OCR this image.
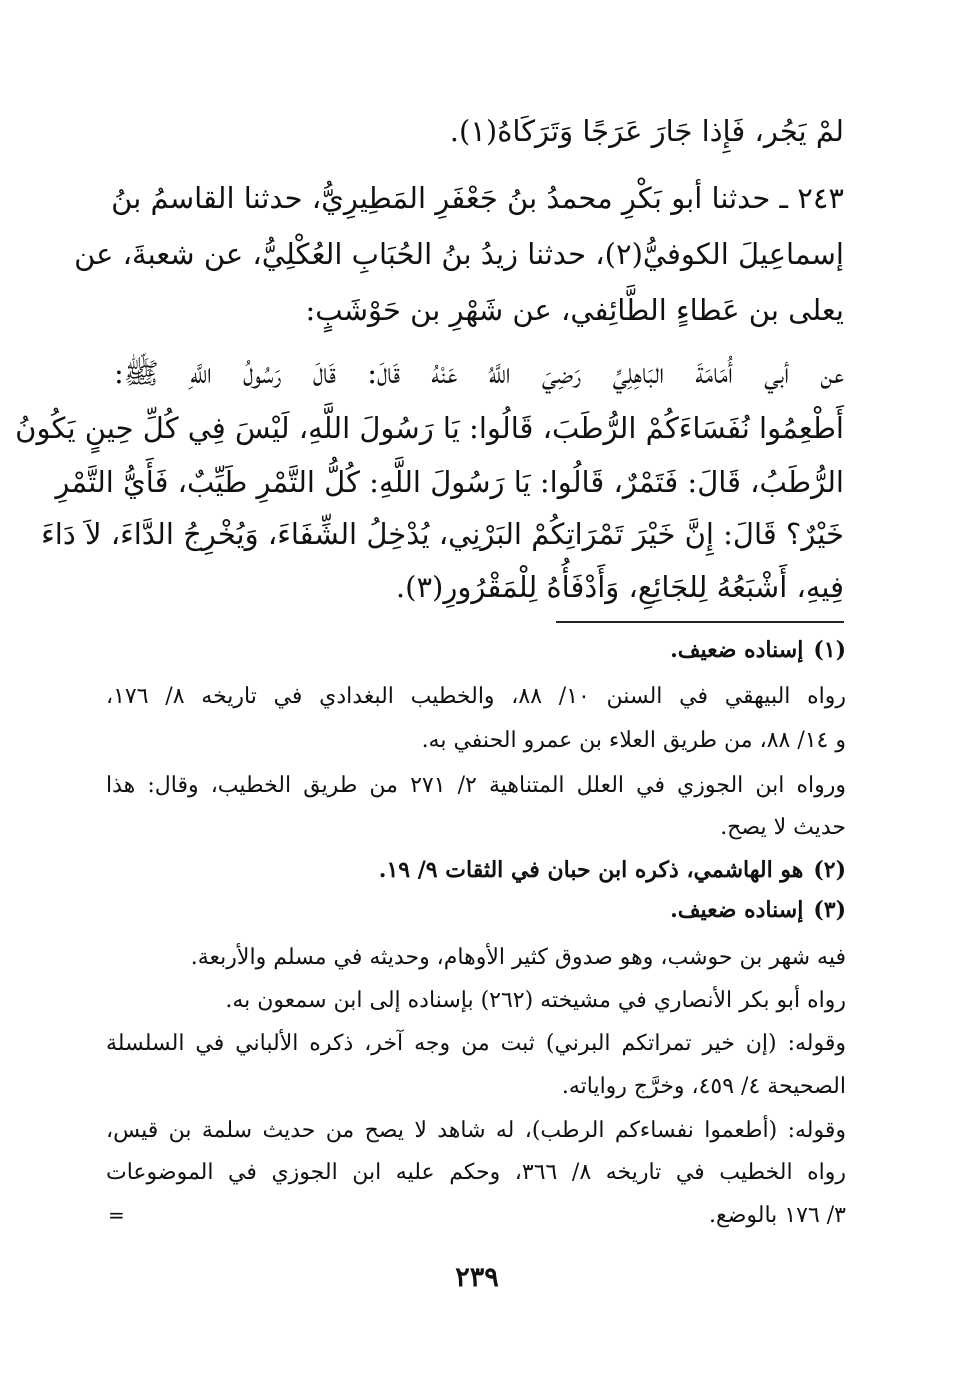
لمْ يَجُر، فَإِذا جَارَ عَرَجًا وَتَرَكَاهُ(١).
٢٤٣ ـ حدثنا أبو بَكْرِ محمدُ بنُ جَعْفَرِ المَطِيرِيُّ، حدثنا القاسمُ بنُ
إسماعِيلَ الكوفيُّ(٢)، حدثنا زيدُ بنُ الحُبَابِ العُكْلِيُّ، عن شعبةَ، عن
يعلى بن عَطاءٍ الطَّائِفي، عن شَهْرِ بن حَوْشَبٍ:
عن أبي أُمَامَةَ البَاهِلِيِّ رَضِيَ اللَّهُ عَنْهُ قَالَ: قَالَ رَسُولُ اللَّهِ ﷺ:
أَطْعِمُوا نُفَسَاءَكُمْ الرُّطَبَ، قَالُوا: يَا رَسُولَ اللَّهِ، لَيْسَ فِي كُلِّ حِينٍ يَكُونُ
الرُّطَبُ، قَالَ: فَتَمْرٌ، قَالُوا: يَا رَسُولَ اللَّهِ: كُلُّ التَّمْرِ طَيِّبٌ، فَأَيُّ التَّمْرِ
خَيْرٌ؟ قَالَ: إِنَّ خَيْرَ تَمْرَاتِكُمْ البَرْنِي، يُدْخِلُ الشِّفَاءَ، وَيُخْرِجُ الدَّاءَ، لاَ دَاءَ
فِيهِ، أَشْبَعُهُ لِلجَائِعِ، وَأَدْفَأُهُ لِلْمَقْرُورِ(٣).
(١)إسناده ضعيف.
رواه البيهقي في السنن ١٠/ ٨٨، والخطيب البغدادي في تاريخه ٨/ ١٧٦،
و ١٤/ ٨٨، من طريق العلاء بن عمرو الحنفي به.
ورواه ابن الجوزي في العلل المتناهية ٢/ ٢٧١ من طريق الخطيب، وقال: هذا
حديث لا يصح.
(٢)هو الهاشمي، ذكره ابن حبان في الثقات ٩/ ١٩.
(٣)إسناده ضعيف.
فيه شهر بن حوشب، وهو صدوق كثير الأوهام، وحديثه في مسلم والأربعة.
رواه أبو بكر الأنصاري في مشيخته (٢٦٢) بإسناده إلى ابن سمعون به.
وقوله: (إن خير تمراتكم البرني) ثبت من وجه آخر، ذكره الألباني في السلسلة
الصحيحة ٤/ ٤٥٩، وخرَّج رواياته.
وقوله: (أطعموا نفساءكم الرطب)، له شاهد لا يصح من حديث سلمة بن قيس،
رواه الخطيب في تاريخه ٨/ ٣٦٦، وحكم عليه ابن الجوزي في الموضوعات
٣/ ١٧٦ بالوضع.
=
٢٣٩
